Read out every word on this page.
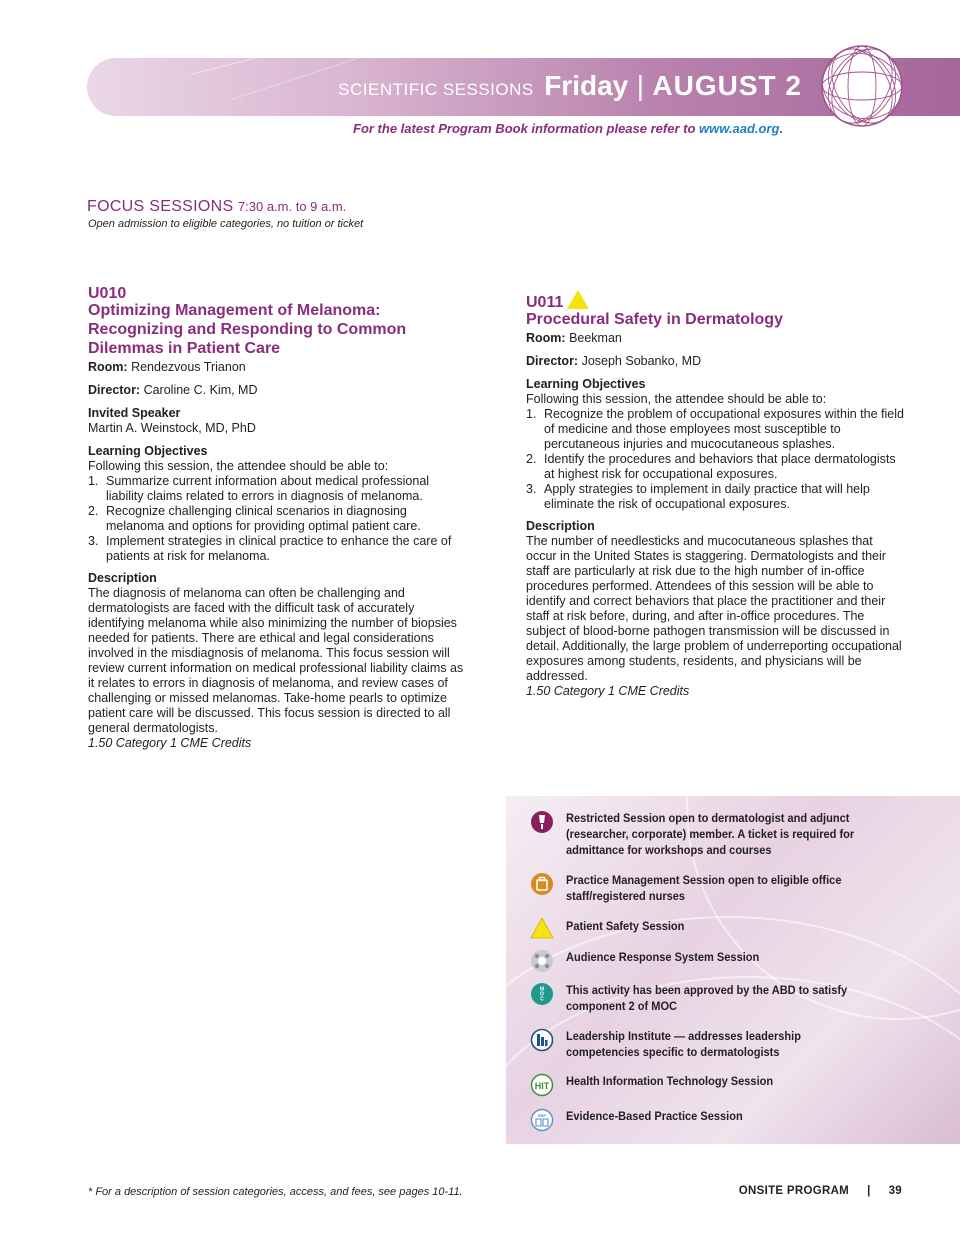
SCIENTIFIC SESSIONS Friday | AUGUST 2
For the latest Program Book information please refer to www.aad.org.
FOCUS SESSIONS 7:30 a.m. to 9 a.m.
Open admission to eligible categories, no tuition or ticket

U010

Optimizing Management of Melanoma:
Recognizing and Responding to Common
Dilemmas in Patient Care

Room: Rendezvous Trianon

Director: Caroline C. Kim, MD

Invited Speaker

Martin A. Weinstock, MD, PhD

Learning Objectives

Following this session, the attendee should be able to:

1. Summarize current information about medical professional liability claims related to errors in diagnosis of melanoma.
2. Recognize challenging clinical scenarios in diagnosing melanoma and options for providing optimal patient care.
3. Implement strategies in clinical practice to enhance the care of patients at risk for melanoma.

Description

The diagnosis of melanoma can often be challenging and dermatologists are faced with the difficult task of accurately identifying melanoma while also minimizing the number of biopsies needed for patients. There are ethical and legal considerations involved in the misdiagnosis of melanoma. This focus session will review current information on medical professional liability claims as it relates to errors in diagnosis of melanoma, and review cases of challenging or missed melanomas. Take-home pearls to optimize patient care will be discussed. This focus session is directed to all general dermatologists.

1.50 Category 1 CME Credits

U011

Procedural Safety in Dermatology

Room: Beekman

Director: Joseph Sobanko, MD

Learning Objectives

Following this session, the attendee should be able to:

1. Recognize the problem of occupational exposures within the field of medicine and those employees most susceptible to percutaneous injuries and mucocutaneous splashes.
2. Identify the procedures and behaviors that place dermatologists at highest risk for occupational exposures.
3. Apply strategies to implement in daily practice that will help eliminate the risk of occupational exposures.

Description

The number of needlesticks and mucocutaneous splashes that occur in the United States is staggering. Dermatologists and their staff are particularly at risk due to the high number of in-office procedures performed. Attendees of this session will be able to identify and correct behaviors that place the practitioner and their staff at risk before, during, and after in-office procedures. The subject of blood-borne pathogen transmission will be discussed in detail. Additionally, the large problem of underreporting occupational exposures among students, residents, and physicians will be addressed.

1.50 Category 1 CME Credits

Restricted Session open to dermatologist and adjunct (researcher, corporate) member. A ticket is required for admittance for workshops and courses
Practice Management Session open to eligible office staff/registered nurses
Patient Safety Session
Audience Response System Session
M
O
C
This activity has been approved by the ABD to satisfy component 2 of MOC
Leadership Institute — addresses leadership competencies specific to dermatologists
HIT Health Information Technology Session
EBP Evidence-Based Practice Session
* For a description of session categories, access, and fees, see pages 10-11.	ONSITE PROGRAM | 39
